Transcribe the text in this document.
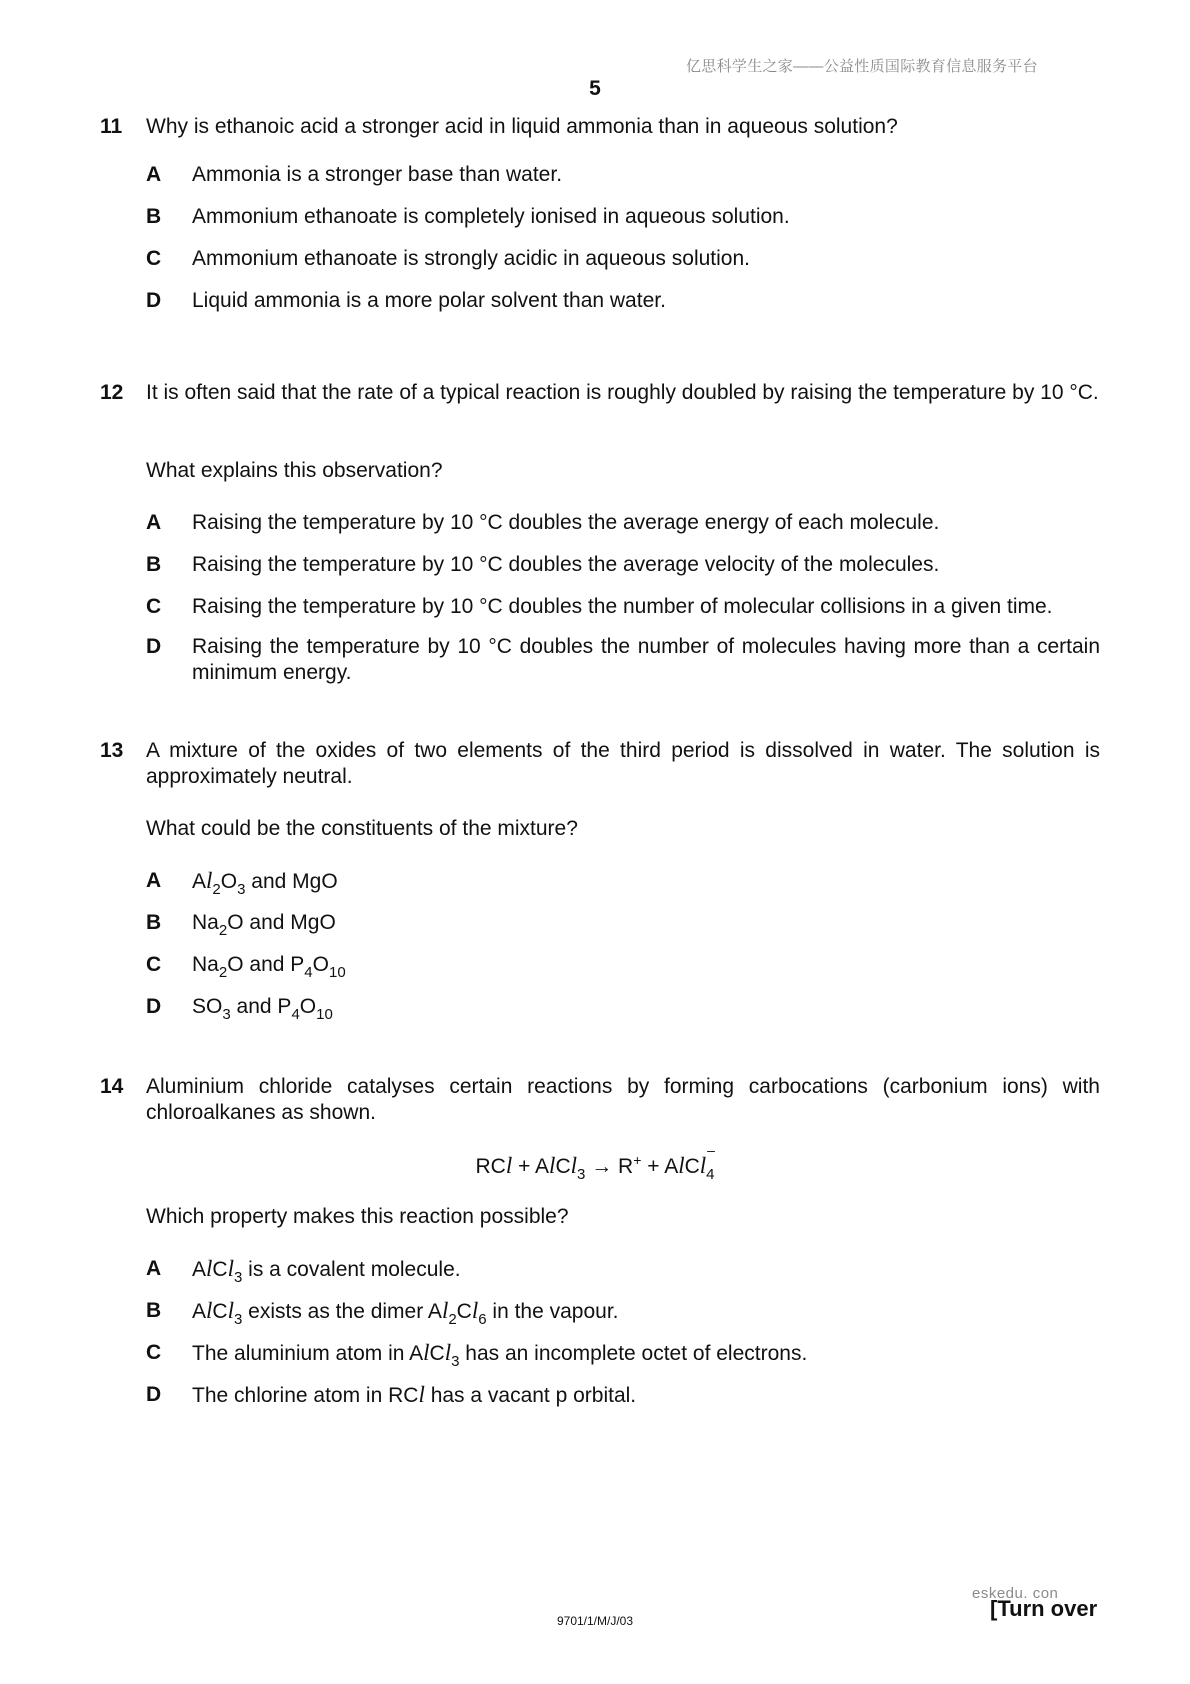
亿思科学生之家——公益性质国际教育信息服务平台
5
11 Why is ethanoic acid a stronger acid in liquid ammonia than in aqueous solution?
A Ammonia is a stronger base than water.
B Ammonium ethanoate is completely ionised in aqueous solution.
C Ammonium ethanoate is strongly acidic in aqueous solution.
D Liquid ammonia is a more polar solvent than water.
12 It is often said that the rate of a typical reaction is roughly doubled by raising the temperature by 10 °C.
What explains this observation?
A Raising the temperature by 10 °C doubles the average energy of each molecule.
B Raising the temperature by 10 °C doubles the average velocity of the molecules.
C Raising the temperature by 10 °C doubles the number of molecular collisions in a given time.
D Raising the temperature by 10 °C doubles the number of molecules having more than a certain minimum energy.
13 A mixture of the oxides of two elements of the third period is dissolved in water. The solution is approximately neutral.
What could be the constituents of the mixture?
A $Al_2O_3$ and MgO
B $Na_2O$ and MgO
C $Na_2O$ and $P_4O_{10}$
D $SO_3$ and $P_4O_{10}$
14 Aluminium chloride catalyses certain reactions by forming carbocations (carbonium ions) with chloroalkanes as shown.
RCl + AlCl$_3$ → R+ + AlCl
$_{- 4}$
Which property makes this reaction possible?
A AlCl$_3$ is a covalent molecule.
B AlCl$_3$ exists as the dimer $Al_2Cl_6$ in the vapour.
C The aluminium atom in AlCl$_3$ has an incomplete octet of electrons.
D The chlorine atom in RCl has a vacant p orbital.
eskedu. con
9701/1/M/J/03	[Turn over
